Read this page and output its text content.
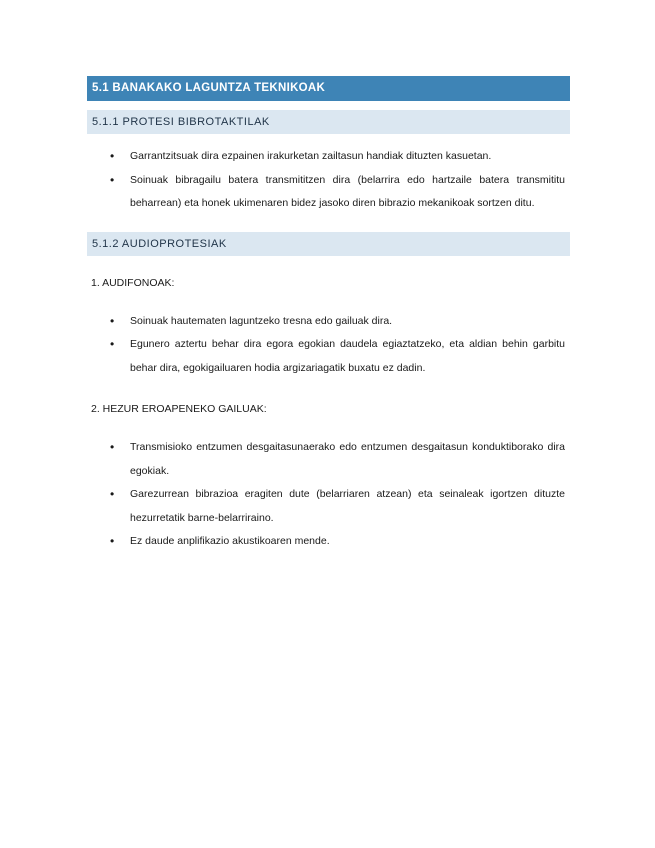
5.1 BANAKAKO LAGUNTZA TEKNIKOAK
5.1.1 PROTESI BIBROTAKTILAK
• Garrantzitsuak dira ezpainen irakurketan zailtasun handiak dituzten kasuetan.
• Soinuak bibragailu batera transmititzen dira (belarrira edo hartzaile batera transmititu beharrean) eta honek ukimenaren bidez jasoko diren bibrazio mekanikoak sortzen ditu.
5.1.2 AUDIOPROTESIAK
1. AUDIFONOAK:
• Soinuak hautematen laguntzeko tresna edo gailuak dira.
• Egunero aztertu behar dira egora egokian daudela egiaztatzeko, eta aldian behin garbitu behar dira, egokigailuaren hodia argizariagatik buxatu ez dadin.
2. HEZUR EROAPENEKO GAILUAK:
• Transmisioko entzumen desgaitasunaerako edo entzumen desgaitasun konduktiborako dira egokiak.
• Garezurrean bibrazioa eragiten dute (belarriaren atzean) eta seinaleak igortzen dituzte hezurretatik barne-belarriraino.
• Ez daude anplifikazio akustikoaren mende.
